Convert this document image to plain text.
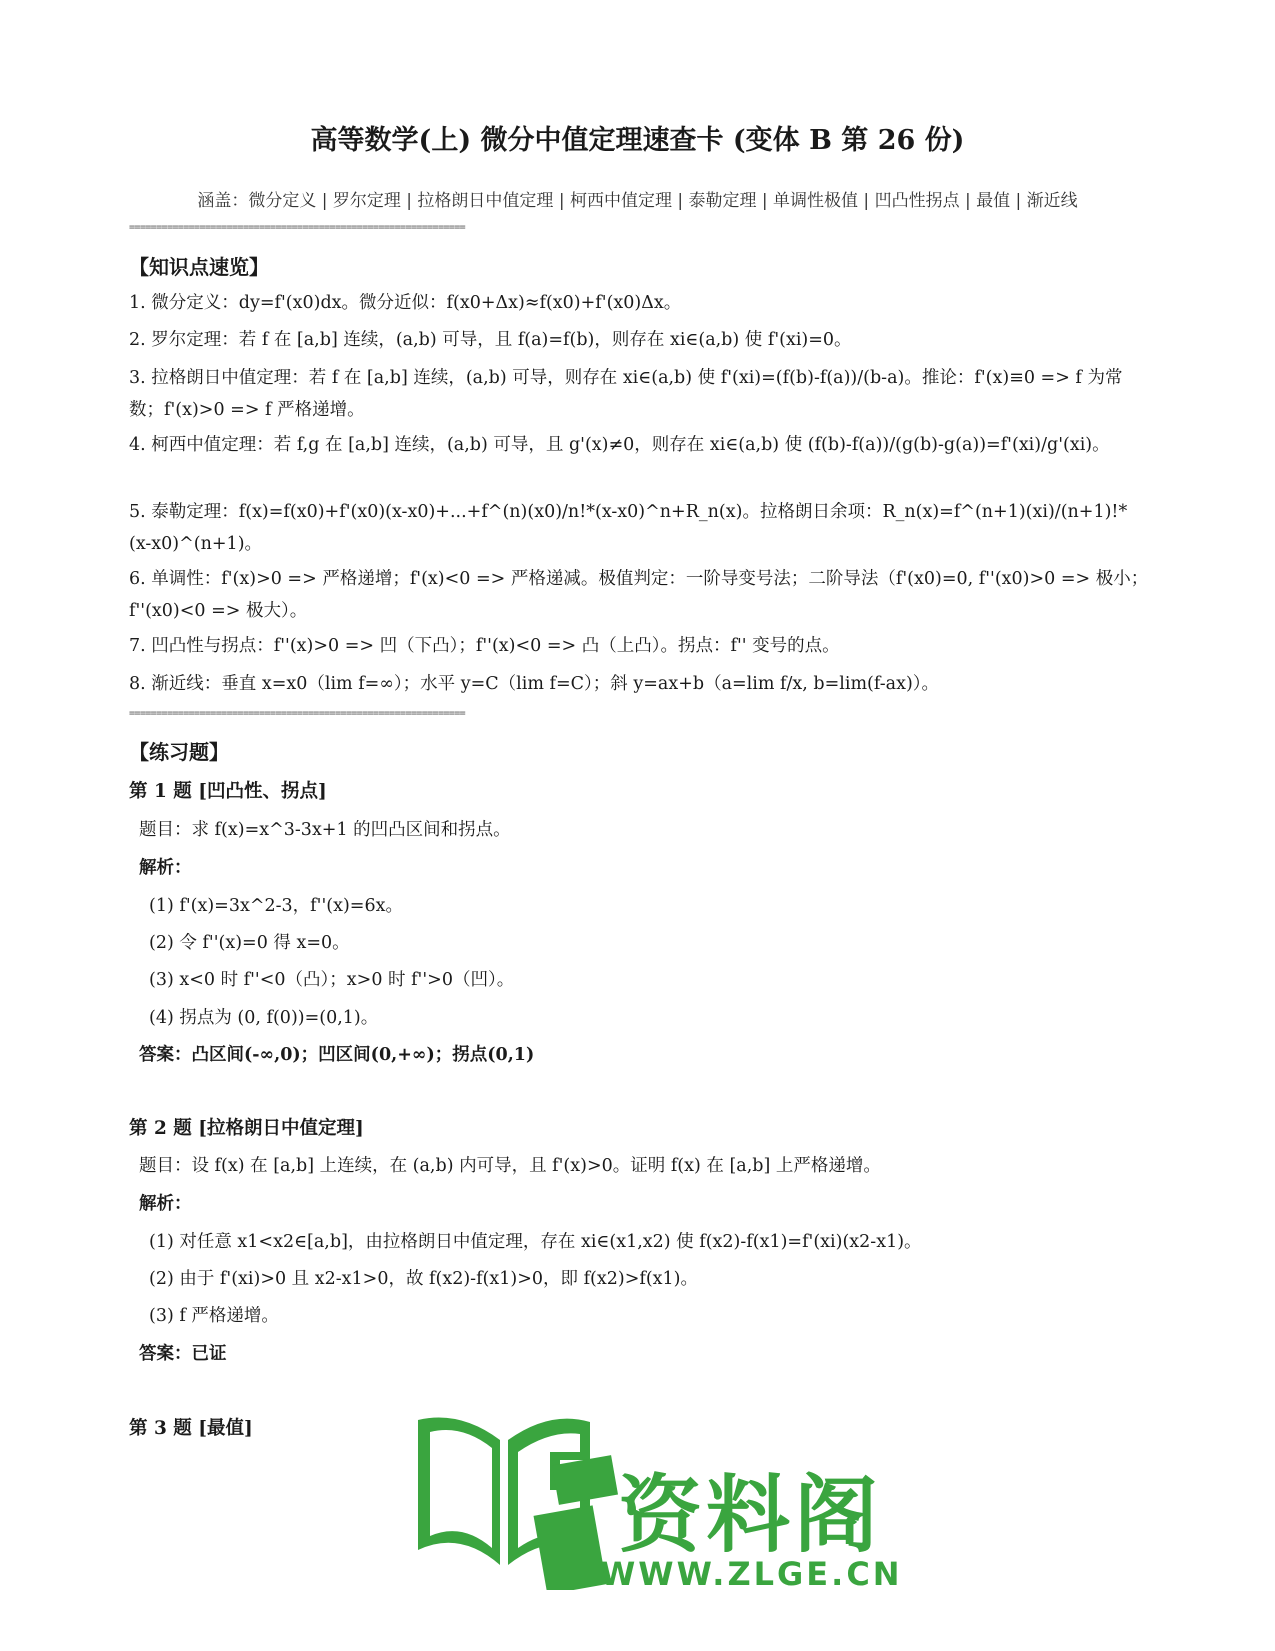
高等数学(上) 微分中值定理速查卡 (变体 B 第 26 份)
涵盖：微分定义 | 罗尔定理 | 拉格朗日中值定理 | 柯西中值定理 | 泰勒定理 | 单调性极值 | 凹凸性拐点 | 最值 | 渐近线
==============================================================
【知识点速览】
1. 微分定义：dy=f'(x0)dx。微分近似：f(x0+Δx)≈f(x0)+f'(x0)Δx。
2. 罗尔定理：若 f 在 [a,b] 连续，(a,b) 可导，且 f(a)=f(b)，则存在 xi∈(a,b) 使 f'(xi)=0。
3. 拉格朗日中值定理：若 f 在 [a,b] 连续，(a,b) 可导，则存在 xi∈(a,b) 使 f'(xi)=(f(b)-f(a))/(b-a)。推论：f'(x)≡0 => f 为常数；f'(x)>0 => f 严格递增。
4. 柯西中值定理：若 f,g 在 [a,b] 连续，(a,b) 可导，且 g'(x)≠0，则存在 xi∈(a,b) 使 (f(b)-f(a))/(g(b)-g(a))=f'(xi)/g'(xi)。
5. 泰勒定理：f(x)=f(x0)+f'(x0)(x-x0)+...+f^(n)(x0)/n!*(x-x0)^n+R_n(x)。拉格朗日余项：R_n(x)=f^(n+1)(xi)/(n+1)!*(x-x0)^(n+1)。
6. 单调性：f'(x)>0 => 严格递增；f'(x)<0 => 严格递减。极值判定：一阶导变号法；二阶导法（f'(x0)=0, f''(x0)>0 => 极小；f''(x0)<0 => 极大）。
7. 凹凸性与拐点：f''(x)>0 => 凹（下凸）；f''(x)<0 => 凸（上凸）。拐点：f'' 变号的点。
8. 渐近线：垂直 x=x0（lim f=∞）；水平 y=C（lim f=C）；斜 y=ax+b（a=lim f/x, b=lim(f-ax)）。
==============================================================
【练习题】
第 1 题 [凹凸性、拐点]
题目：求 f(x)=x^3-3x+1 的凹凸区间和拐点。
解析：
(1) f'(x)=3x^2-3，f''(x)=6x。
(2) 令 f''(x)=0 得 x=0。
(3) x<0 时 f''<0（凸）；x>0 时 f''>0（凹）。
(4) 拐点为 (0, f(0))=(0,1)。
答案：凸区间(-∞,0)；凹区间(0,+∞)；拐点(0,1)
第 2 题 [拉格朗日中值定理]
题目：设 f(x) 在 [a,b] 上连续，在 (a,b) 内可导，且 f'(x)>0。证明 f(x) 在 [a,b] 上严格递增。
解析：
(1) 对任意 x1<x2∈[a,b]，由拉格朗日中值定理，存在 xi∈(x1,x2) 使 f(x2)-f(x1)=f'(xi)(x2-x1)。
(2) 由于 f'(xi)>0 且 x2-x1>0，故 f(x2)-f(x1)>0，即 f(x2)>f(x1)。
(3) f 严格递增。
答案：已证
第 3 题 [最值]
资料阁
WWW.ZLGE.CN
